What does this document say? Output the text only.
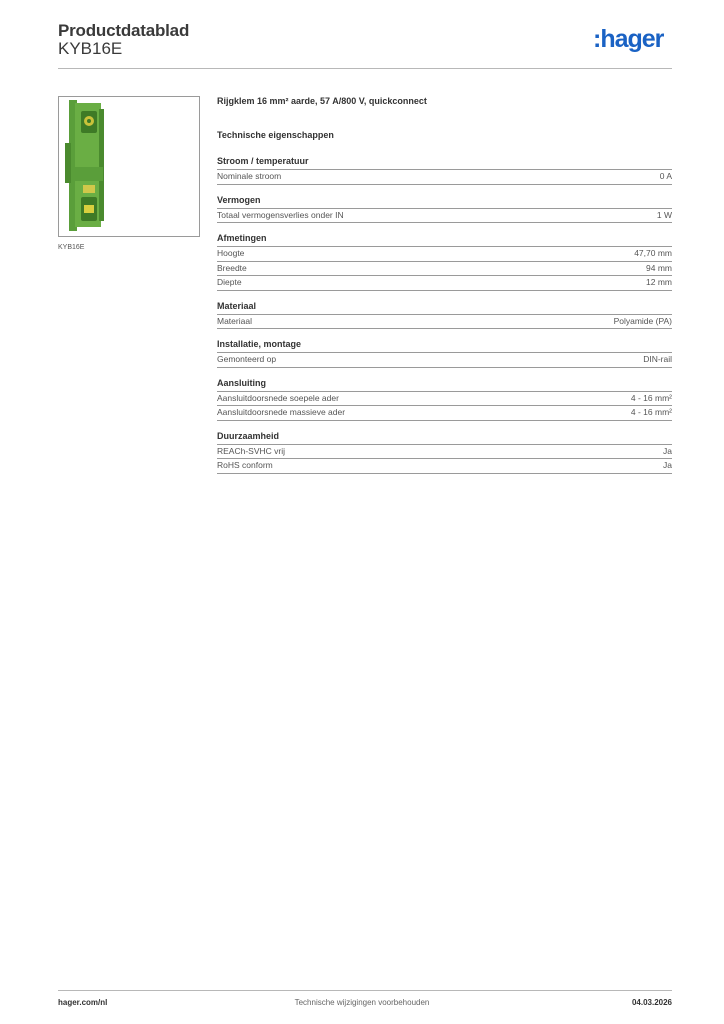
Productdatablad
KYB16E	:hager
KYB16E
Rijgklem 16 mm² aarde, 57 A/800 V, quickconnect
Technische eigenschappen
Stroom / temperatuur
Nominale stroom	0 A
Vermogen
Totaal vermogensverlies onder IN	1 W
Afmetingen
Hoogte	47,70 mm
Breedte	94 mm
Diepte	12 mm
Materiaal
Materiaal	Polyamide (PA)
Installatie, montage
Gemonteerd op	DIN-rail
Aansluiting
Aansluitdoorsnede soepele ader	4 - 16 mm²
Aansluitdoorsnede massieve ader	4 - 16 mm²
Duurzaamheid
REACh-SVHC vrij	Ja
RoHS conform	Ja
Technische wijzigingen voorbehouden
hager.com/nl	04.03.2026
